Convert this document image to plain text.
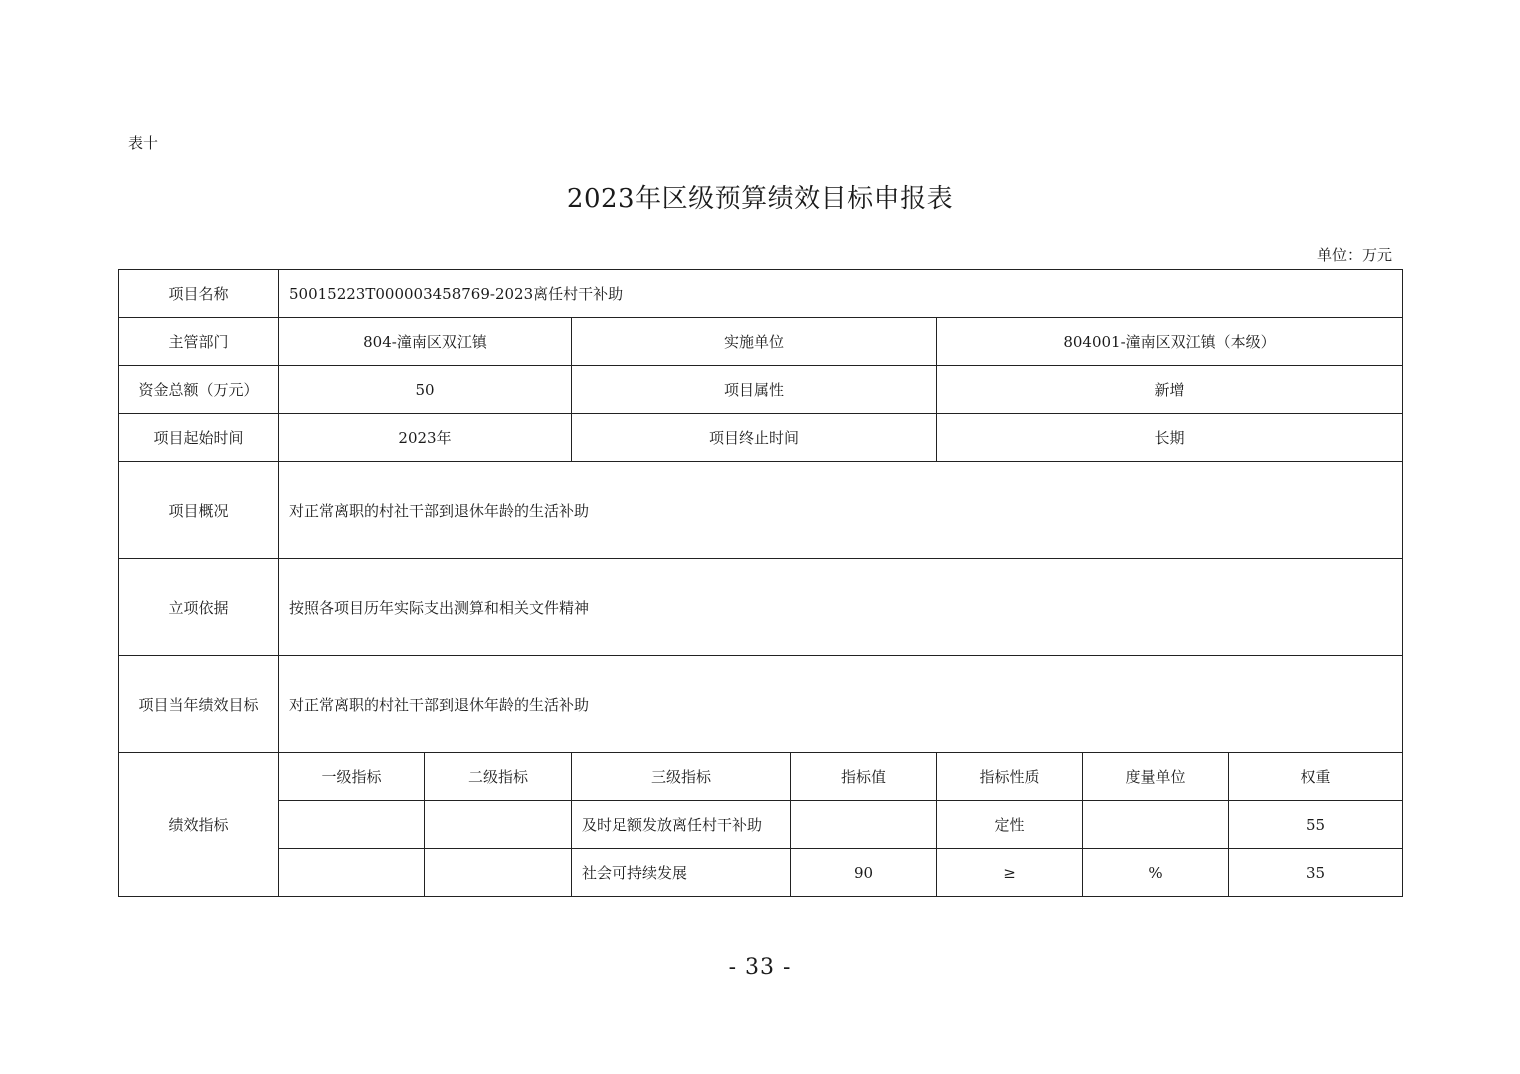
表十
2023年区级预算绩效目标申报表
单位：万元
项目名称	50015223T000003458769-2023离任村干补助						
主管部门	804-潼南区双江镇		实施单位		804001-潼南区双江镇（本级）		
资金总额（万元）	50		项目属性		新增		
项目起始时间	2023年		项目终止时间		长期		
项目概况	对正常离职的村社干部到退休年龄的生活补助						
立项依据	按照各项目历年实际支出测算和相关文件精神						
项目当年绩效目标	对正常离职的村社干部到退休年龄的生活补助						
绩效指标	一级指标	二级指标	三级指标	指标值	指标性质	度量单位	权重
			及时足额发放离任村干补助		定性		55
			社会可持续发展	90	≥	%	35
- 33 -
